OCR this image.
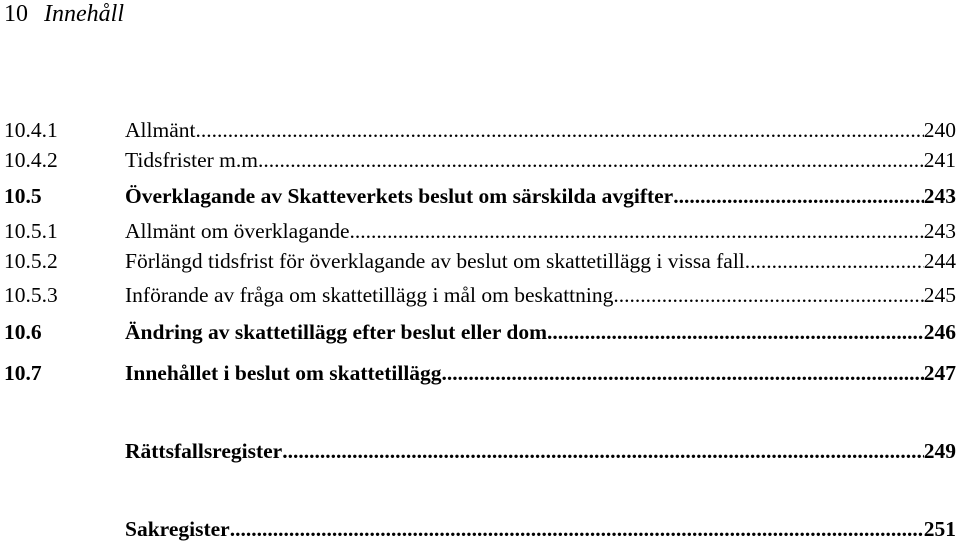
10 Innehåll
10.4.1	Allmänt .....	240
10.4.2	Tidsfrister m.m. .....	241
10.5	Överklagande av Skatteverkets beslut om särskilda avgifter .....	243
10.5.1	Allmänt om överklagande .....	243
10.5.2	Förlängd tidsfrist för överklagande av beslut om skattetillägg i vissa fall .....	244
10.5.3	Införande av fråga om skattetillägg i mål om beskattning .....	245
10.6	Ändring av skattetillägg efter beslut eller dom .....	246
10.7	Innehållet i beslut om skattetillägg .....	247
Rättsfallsregister .....	249
Sakregister .....	251
